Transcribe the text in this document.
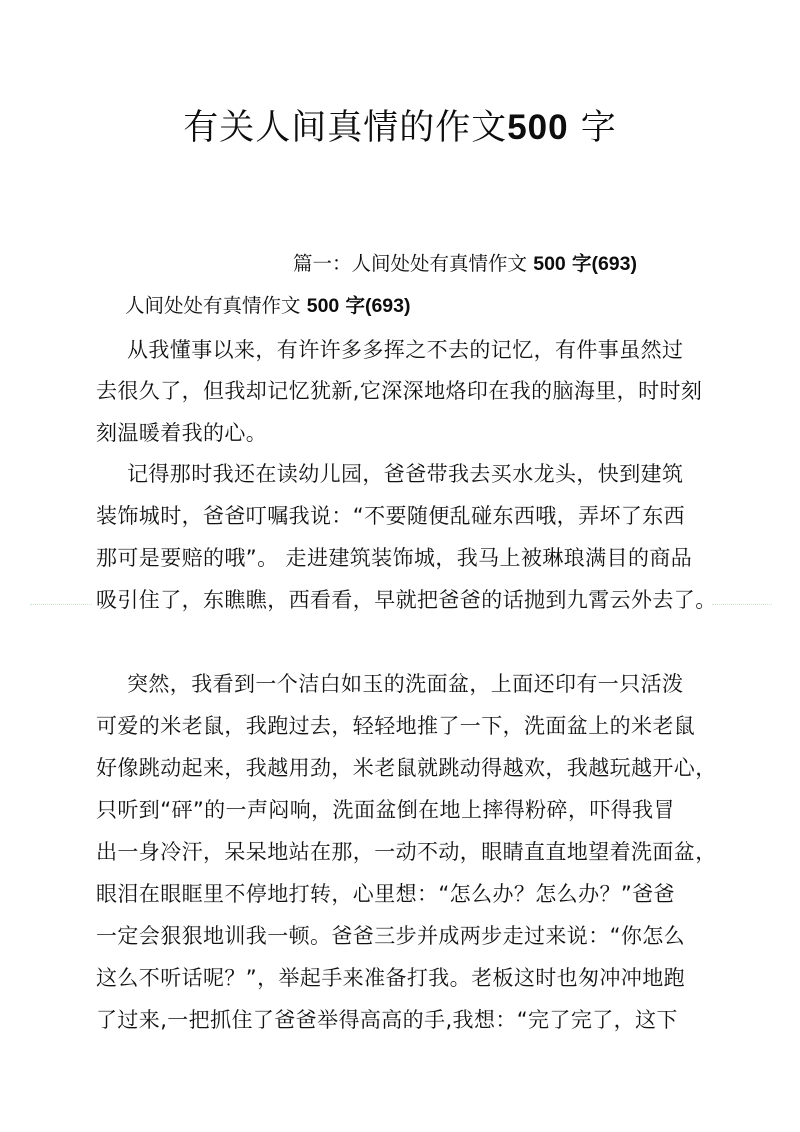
有关人间真情的作文500 字
篇一：人间处处有真情作文 500 字(693)
人间处处有真情作文 500 字(693)
从我懂事以来，有许许多多挥之不去的记忆，有件事虽然过
去很久了，但我却记忆犹新,它深深地烙印在我的脑海里，时时刻
刻温暖着我的心。
记得那时我还在读幼儿园，爸爸带我去买水龙头，快到建筑
装饰城时，爸爸叮嘱我说：“不要随便乱碰东西哦，弄坏了东西
那可是要赔的哦”。 走进建筑装饰城，我马上被琳琅满目的商品
吸引住了，东瞧瞧，西看看，早就把爸爸的话抛到九霄云外去了。
突然，我看到一个洁白如玉的洗面盆，上面还印有一只活泼
可爱的米老鼠，我跑过去，轻轻地推了一下，洗面盆上的米老鼠
好像跳动起来，我越用劲，米老鼠就跳动得越欢，我越玩越开心，
只听到“砰”的一声闷响，洗面盆倒在地上摔得粉碎，吓得我冒
出一身冷汗，呆呆地站在那，一动不动，眼睛直直地望着洗面盆，
眼泪在眼眶里不停地打转，心里想：“怎么办？怎么办？”爸爸
一定会狠狠地训我一顿。爸爸三步并成两步走过来说：“你怎么
这么不听话呢？”，举起手来准备打我。老板这时也匆冲冲地跑
了过来,一把抓住了爸爸举得高高的手,我想：“完了完了，这下
